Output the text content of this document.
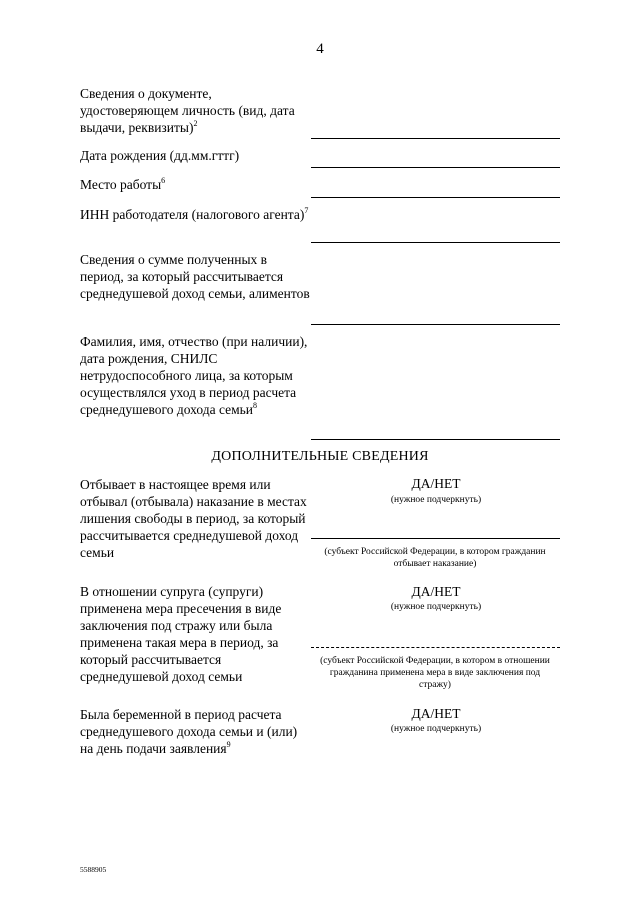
4
Сведения о документе, удостоверяющем личность (вид, дата выдачи, реквизиты)$^2$
Дата рождения (дд.мм.гттг)
Место работы$^6$
ИНН работодателя (налогового агента)$^7$
Сведения о сумме полученных в период, за который рассчитывается среднедушевой доход семьи, алиментов
Фамилия, имя, отчество (при наличии), дата рождения, СНИЛС нетрудоспособного лица, за которым осуществлялся уход в период расчета среднедушевого дохода семьи$^8$
ДОПОЛНИТЕЛЬНЫЕ СВЕДЕНИЯ
Отбывает в настоящее время или отбывал (отбывала) наказание в местах лишения свободы в период, за который рассчитывается среднедушевой доход семьи
ДА/НЕТ
(нужное подчеркнуть)
(субъект Российской Федерации, в котором гражданин отбывает наказание)
В отношении супруга (супруги) применена мера пресечения в виде заключения под стражу или была применена такая мера в период, за который рассчитывается среднедушевой доход семьи
ДА/НЕТ
(нужное подчеркнуть)
(субъект Российской Федерации, в котором в отношении гражданина применена мера в виде заключения под стражу)
Была беременной в период расчета среднедушевого дохода семьи и (или) на день подачи заявления$^9$
ДА/НЕТ
(нужное подчеркнуть)
5588905
